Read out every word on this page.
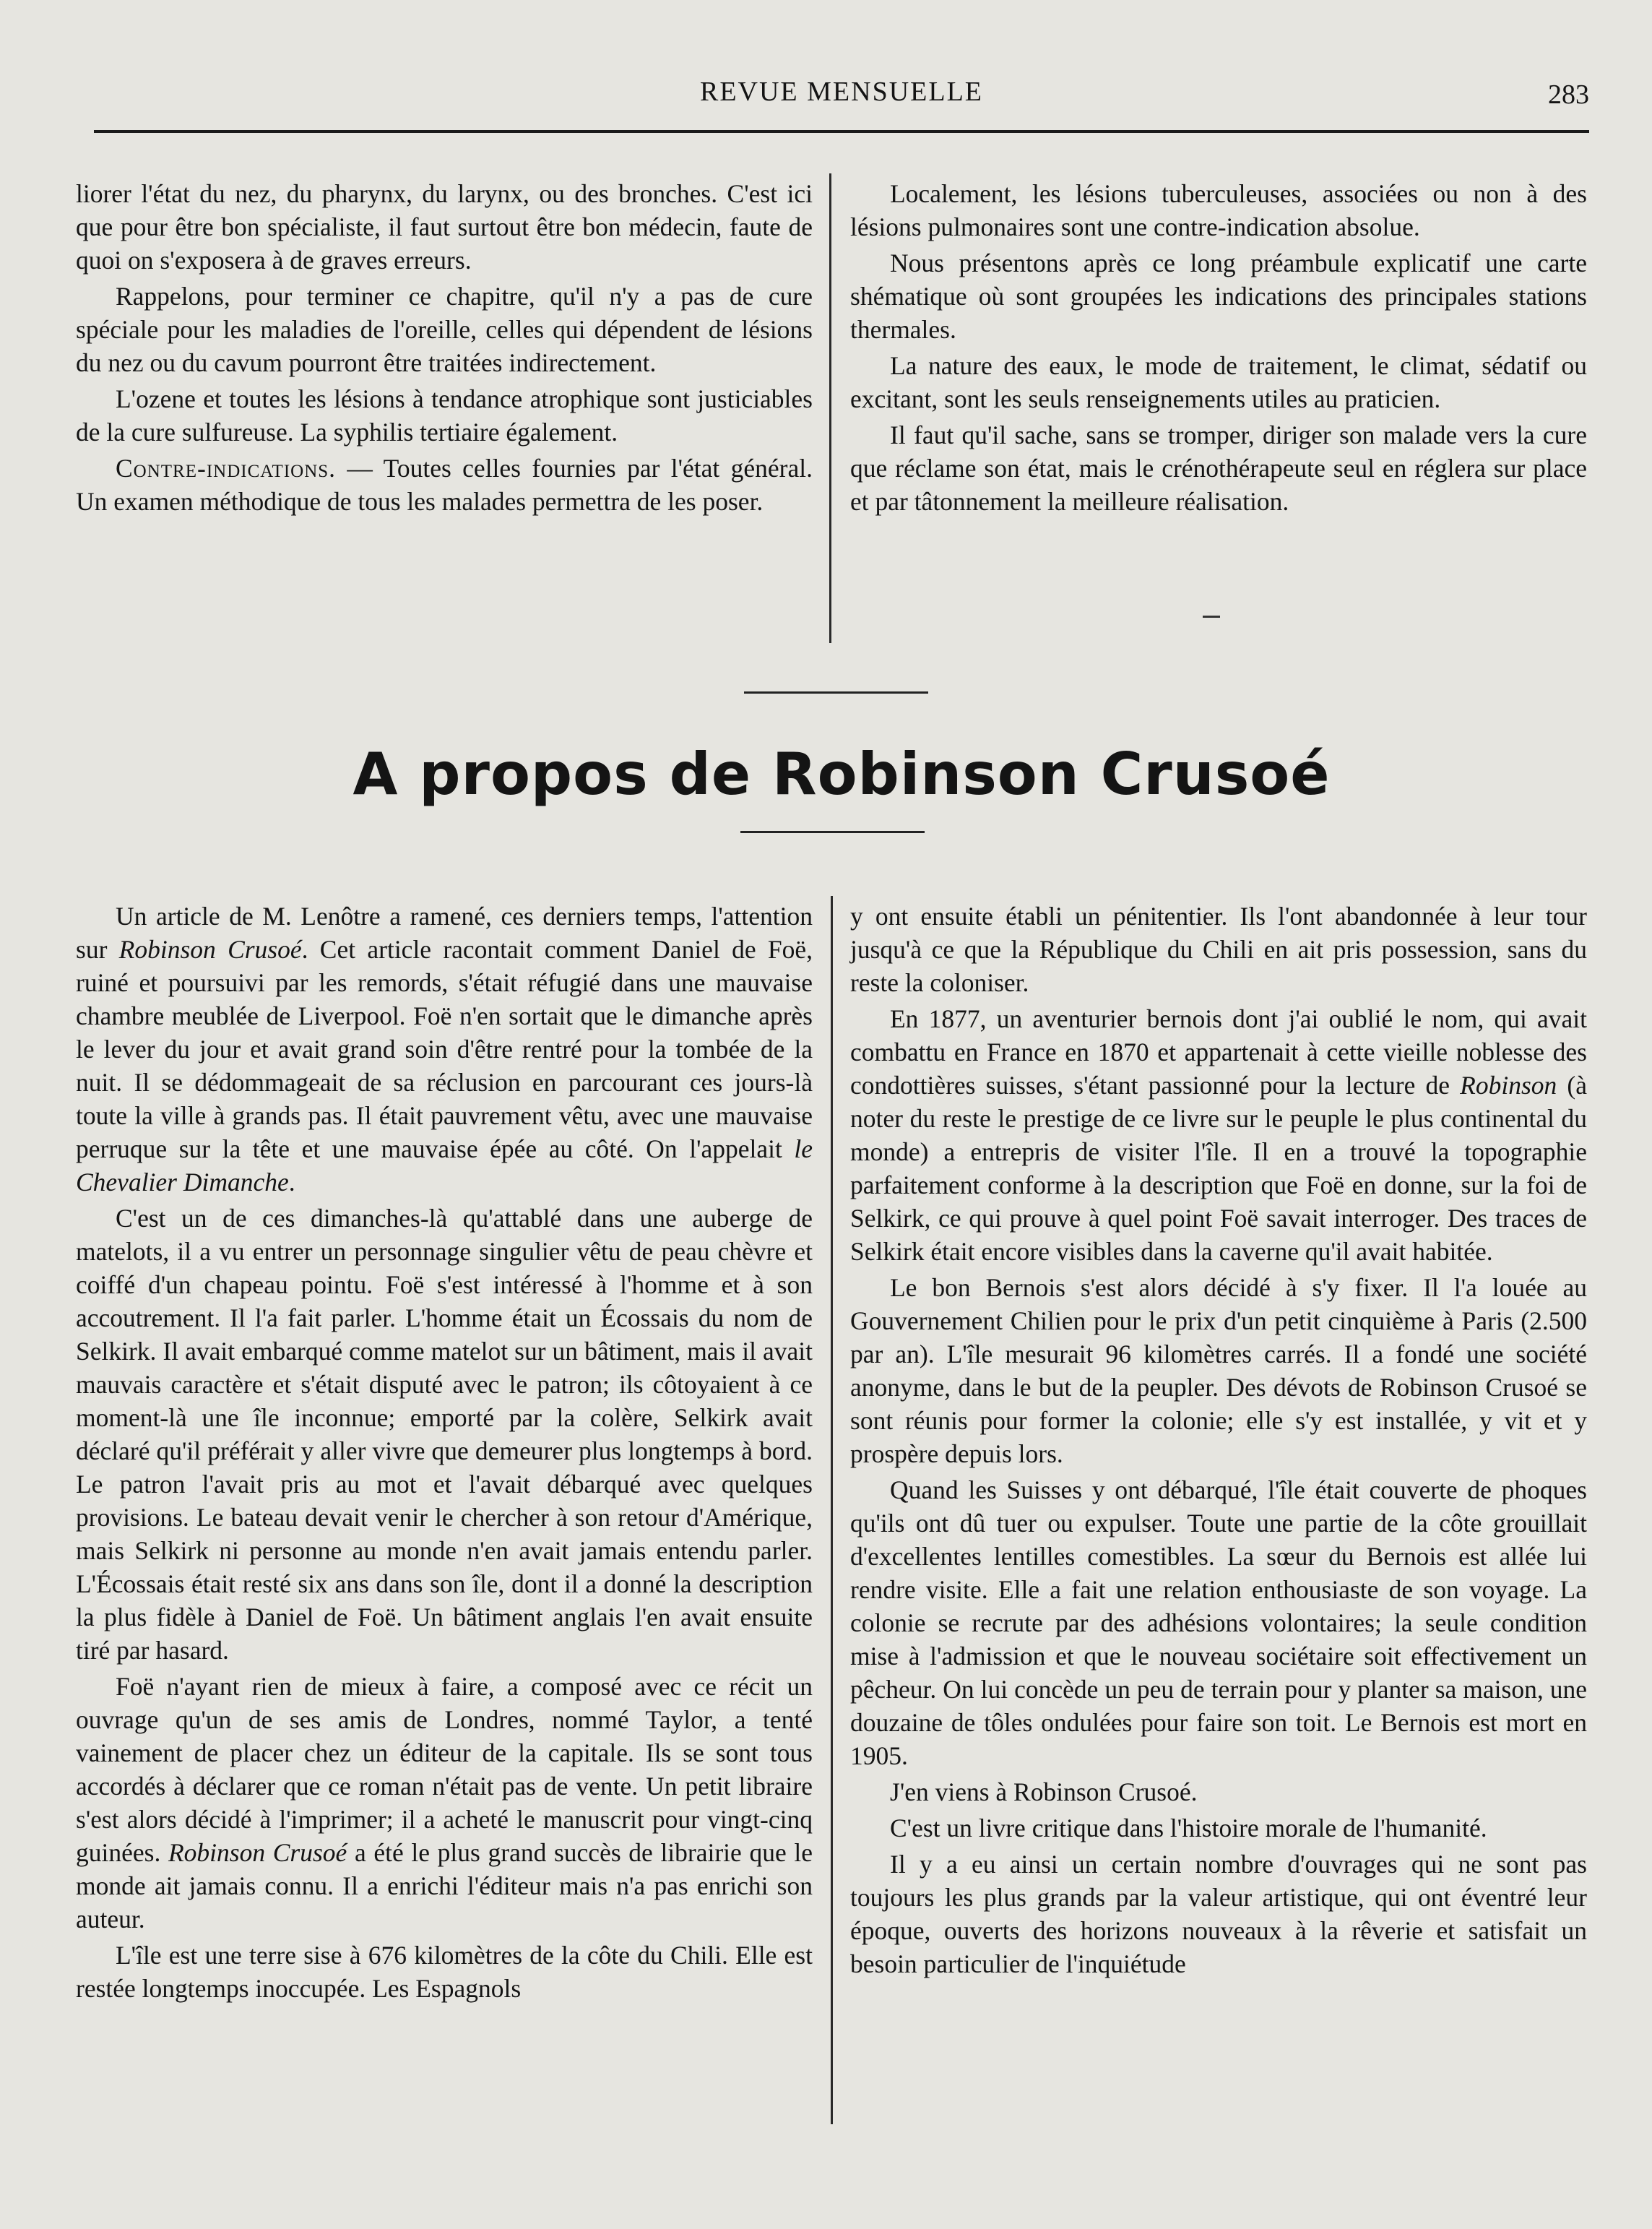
REVUE MENSUELLE	283

liorer l'état du nez, du pharynx, du larynx, ou des bronches. C'est ici que pour être bon spécialiste, il faut surtout être bon médecin, faute de quoi on s'exposera à de graves erreurs.

Rappelons, pour terminer ce chapitre, qu'il n'y a pas de cure spéciale pour les maladies de l'oreille, celles qui dépendent de lésions du nez ou du cavum pourront être traitées indirectement.

L'ozene et toutes les lésions à tendance atrophique sont justiciables de la cure sulfureuse. La syphilis tertiaire également.

Contre-indications. — Toutes celles fournies par l'état général. Un examen méthodique de tous les malades permettra de les poser.

Localement, les lésions tuberculeuses, associées ou non à des lésions pulmonaires sont une contre-indication absolue.

Nous présentons après ce long préambule explicatif une carte shématique où sont groupées les indications des principales stations thermales.

La nature des eaux, le mode de traitement, le climat, sédatif ou excitant, sont les seuls renseignements utiles au praticien.

Il faut qu'il sache, sans se tromper, diriger son malade vers la cure que réclame son état, mais le crénothérapeute seul en réglera sur place et par tâtonnement la meilleure réalisation.

A propos de Robinson Crusoé

Un article de M. Lenôtre a ramené, ces derniers temps, l'attention sur Robinson Crusoé. Cet article racontait comment Daniel de Foë, ruiné et poursuivi par les remords, s'était réfugié dans une mauvaise chambre meublée de Liverpool. Foë n'en sortait que le dimanche après le lever du jour et avait grand soin d'être rentré pour la tombée de la nuit. Il se dédommageait de sa réclusion en parcourant ces jours-là toute la ville à grands pas. Il était pauvrement vêtu, avec une mauvaise perruque sur la tête et une mauvaise épée au côté. On l'appelait le Chevalier Dimanche.

C'est un de ces dimanches-là qu'attablé dans une auberge de matelots, il a vu entrer un personnage singulier vêtu de peau chèvre et coiffé d'un chapeau pointu. Foë s'est intéressé à l'homme et à son accoutrement. Il l'a fait parler. L'homme était un Écossais du nom de Selkirk. Il avait embarqué comme matelot sur un bâtiment, mais il avait mauvais caractère et s'était disputé avec le patron; ils côtoyaient à ce moment-là une île inconnue; emporté par la colère, Selkirk avait déclaré qu'il préférait y aller vivre que demeurer plus longtemps à bord. Le patron l'avait pris au mot et l'avait débarqué avec quelques provisions. Le bateau devait venir le chercher à son retour d'Amérique, mais Selkirk ni personne au monde n'en avait jamais entendu parler. L'Écossais était resté six ans dans son île, dont il a donné la description la plus fidèle à Daniel de Foë. Un bâtiment anglais l'en avait ensuite tiré par hasard.

Foë n'ayant rien de mieux à faire, a composé avec ce récit un ouvrage qu'un de ses amis de Londres, nommé Taylor, a tenté vainement de placer chez un éditeur de la capitale. Ils se sont tous accordés à déclarer que ce roman n'était pas de vente. Un petit libraire s'est alors décidé à l'imprimer; il a acheté le manuscrit pour vingt-cinq guinées. Robinson Crusoé a été le plus grand succès de librairie que le monde ait jamais connu. Il a enrichi l'éditeur mais n'a pas enrichi son auteur.

L'île est une terre sise à 676 kilomètres de la côte du Chili. Elle est restée longtemps inoccupée. Les Espagnols

y ont ensuite établi un pénitentier. Ils l'ont abandonnée à leur tour jusqu'à ce que la République du Chili en ait pris possession, sans du reste la coloniser.

En 1877, un aventurier bernois dont j'ai oublié le nom, qui avait combattu en France en 1870 et appartenait à cette vieille noblesse des condottières suisses, s'étant passionné pour la lecture de Robinson (à noter du reste le prestige de ce livre sur le peuple le plus continental du monde) a entrepris de visiter l'île. Il en a trouvé la topographie parfaitement conforme à la description que Foë en donne, sur la foi de Selkirk, ce qui prouve à quel point Foë savait interroger. Des traces de Selkirk était encore visibles dans la caverne qu'il avait habitée.

Le bon Bernois s'est alors décidé à s'y fixer. Il l'a louée au Gouvernement Chilien pour le prix d'un petit cinquième à Paris (2.500 par an). L'île mesurait 96 kilomètres carrés. Il a fondé une société anonyme, dans le but de la peupler. Des dévots de Robinson Crusoé se sont réunis pour former la colonie; elle s'y est installée, y vit et y prospère depuis lors.

Quand les Suisses y ont débarqué, l'île était couverte de phoques qu'ils ont dû tuer ou expulser. Toute une partie de la côte grouillait d'excellentes lentilles comestibles. La sœur du Bernois est allée lui rendre visite. Elle a fait une relation enthousiaste de son voyage. La colonie se recrute par des adhésions volontaires; la seule condition mise à l'admission et que le nouveau sociétaire soit effectivement un pêcheur. On lui concède un peu de terrain pour y planter sa maison, une douzaine de tôles ondulées pour faire son toit. Le Bernois est mort en 1905.

J'en viens à Robinson Crusoé.

C'est un livre critique dans l'histoire morale de l'humanité.

Il y a eu ainsi un certain nombre d'ouvrages qui ne sont pas toujours les plus grands par la valeur artistique, qui ont éventré leur époque, ouverts des horizons nouveaux à la rêverie et satisfait un besoin particulier de l'inquiétude
